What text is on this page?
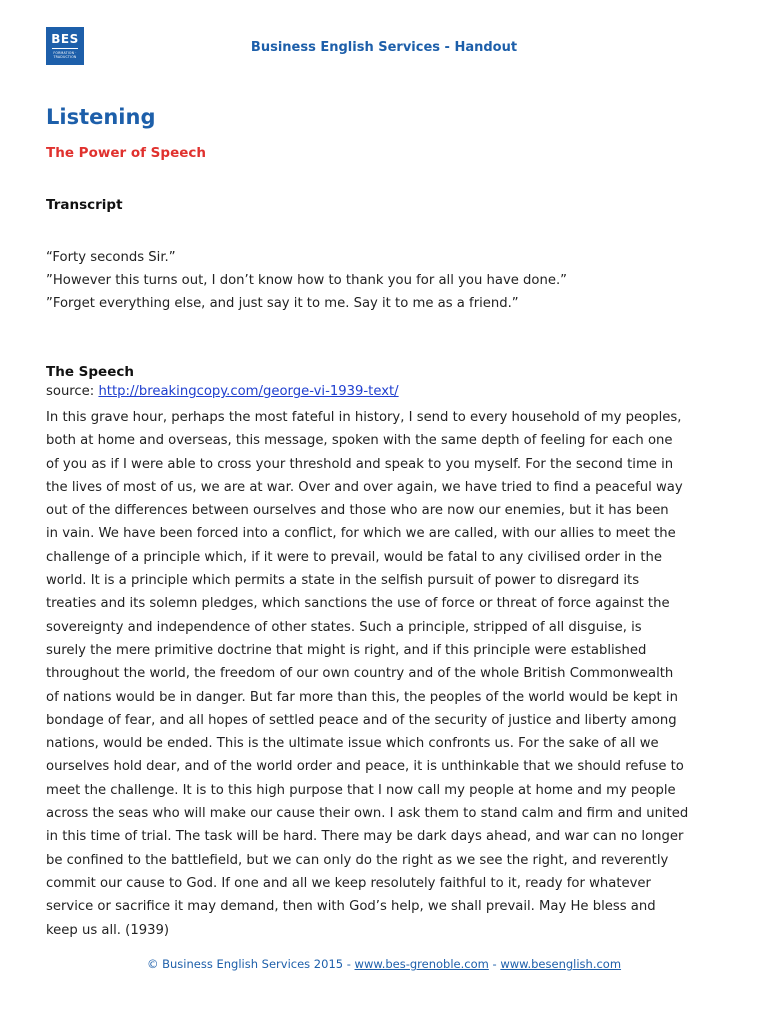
BES
FORMATION · TRADUCTION
Business English Services - Handout
Listening
The Power of Speech
Transcript
“Forty seconds Sir.”
”However this turns out, I don’t know how to thank you for all you have done.”
”Forget everything else, and just say it to me. Say it to me as a friend.”
The Speech
source: http://breakingcopy.com/george-vi-1939-text/
In this grave hour, perhaps the most fateful in history, I send to every household of my peoples,
both at home and overseas, this message, spoken with the same depth of feeling for each one
of you as if I were able to cross your threshold and speak to you myself. For the second time in
the lives of most of us, we are at war. Over and over again, we have tried to find a peaceful way
out of the differences between ourselves and those who are now our enemies, but it has been
in vain. We have been forced into a conflict, for which we are called, with our allies to meet the
challenge of a principle which, if it were to prevail, would be fatal to any civilised order in the
world. It is a principle which permits a state in the selfish pursuit of power to disregard its
treaties and its solemn pledges, which sanctions the use of force or threat of force against the
sovereignty and independence of other states. Such a principle, stripped of all disguise, is
surely the mere primitive doctrine that might is right, and if this principle were established
throughout the world, the freedom of our own country and of the whole British Commonwealth
of nations would be in danger. But far more than this, the peoples of the world would be kept in
bondage of fear, and all hopes of settled peace and of the security of justice and liberty among
nations, would be ended. This is the ultimate issue which confronts us. For the sake of all we
ourselves hold dear, and of the world order and peace, it is unthinkable that we should refuse to
meet the challenge. It is to this high purpose that I now call my people at home and my people
across the seas who will make our cause their own. I ask them to stand calm and firm and united
in this time of trial. The task will be hard. There may be dark days ahead, and war can no longer
be confined to the battlefield, but we can only do the right as we see the right, and reverently
commit our cause to God. If one and all we keep resolutely faithful to it, ready for whatever
service or sacrifice it may demand, then with God’s help, we shall prevail. May He bless and
keep us all. (1939)
© Business English Services 2015 - www.bes-grenoble.com - www.besenglish.com
